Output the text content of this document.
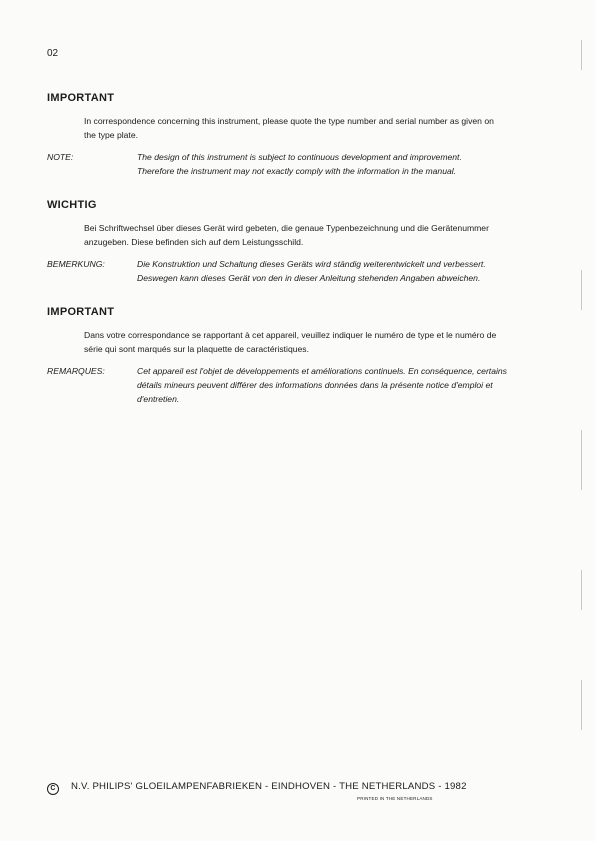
02
IMPORTANT
In correspondence concerning this instrument, please quote the type number and serial number as given on
the type plate.
NOTE:	The design of this instrument is subject to continuous development and improvement.
Therefore the instrument may not exactly comply with the information in the manual.
WICHTIG
Bei Schriftwechsel über dieses Gerät wird gebeten, die genaue Typenbezeichnung und die Gerätenummer
anzugeben. Diese befinden sich auf dem Leistungsschild.
BEMERKUNG:	Die Konstruktion und Schaltung dieses Geräts wird ständig weiterentwickelt und verbessert.
Deswegen kann dieses Gerät von den in dieser Anleitung stehenden Angaben abweichen.
IMPORTANT
Dans votre correspondance se rapportant à cet appareil, veuillez indiquer le numéro de type et le numéro de
série qui sont marqués sur la plaquette de caractéristiques.
REMARQUES:	Cet appareil est l'objet de développements et améliorations continuels. En conséquence, certains
détails mineurs peuvent différer des informations données dans la présente notice d'emploi et
d'entretien.
C N.V. PHILIPS' GLOEILAMPENFABRIEKEN - EINDHOVEN - THE NETHERLANDS - 1982
PRINTED IN THE NETHERLANDS
